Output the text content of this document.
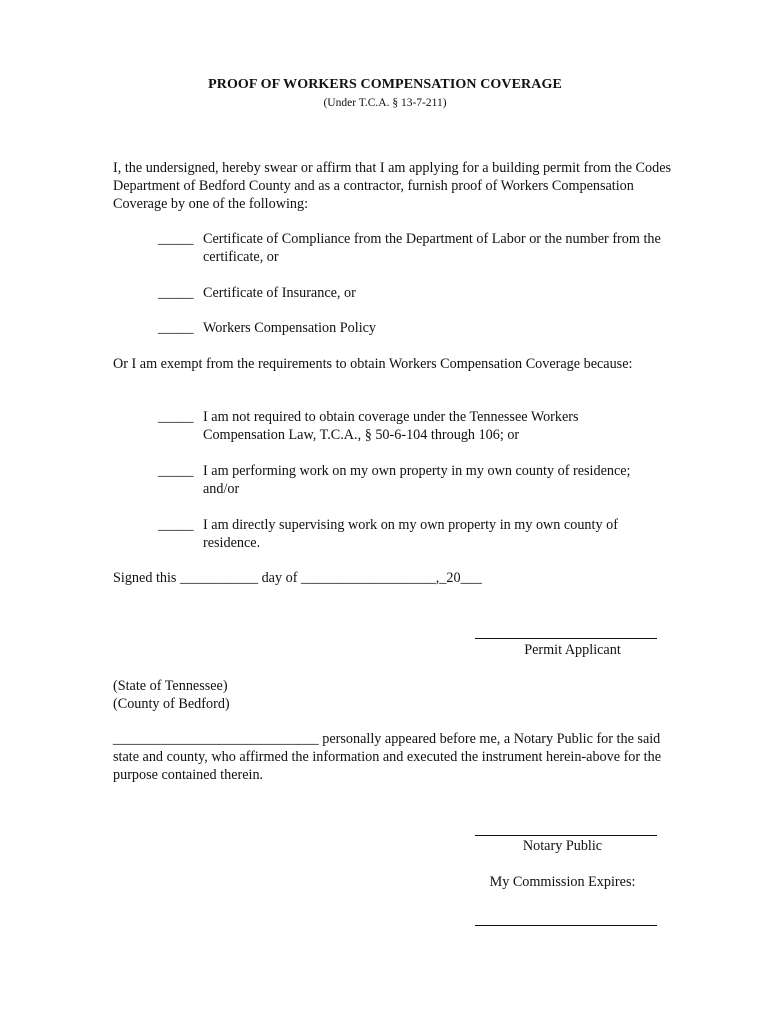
PROOF OF WORKERS COMPENSATION COVERAGE
(Under T.C.A. § 13-7-211)
I, the undersigned, hereby swear or affirm that I am applying for a building permit from the Codes Department of Bedford County and as a contractor, furnish proof of Workers Compensation Coverage by one of the following:
_____ Certificate of Compliance from the Department of Labor or the number from the certificate, or
_____ Certificate of Insurance, or
_____ Workers Compensation Policy
Or I am exempt from the requirements to obtain Workers Compensation Coverage because:
_____ I am not required to obtain coverage under the Tennessee Workers Compensation Law, T.C.A., § 50-6-104 through 106; or
_____ I am performing work on my own property in my own county of residence; and/or
_____ I am directly supervising work on my own property in my own county of residence.
Signed this ___________ day of ___________________,_20___
Permit Applicant
(State of Tennessee)
(County of Bedford)
_____________________________ personally appeared before me, a Notary Public for the said state and county, who affirmed the information and executed the instrument herein-above for the purpose contained therein.
Notary Public
My Commission Expires:
